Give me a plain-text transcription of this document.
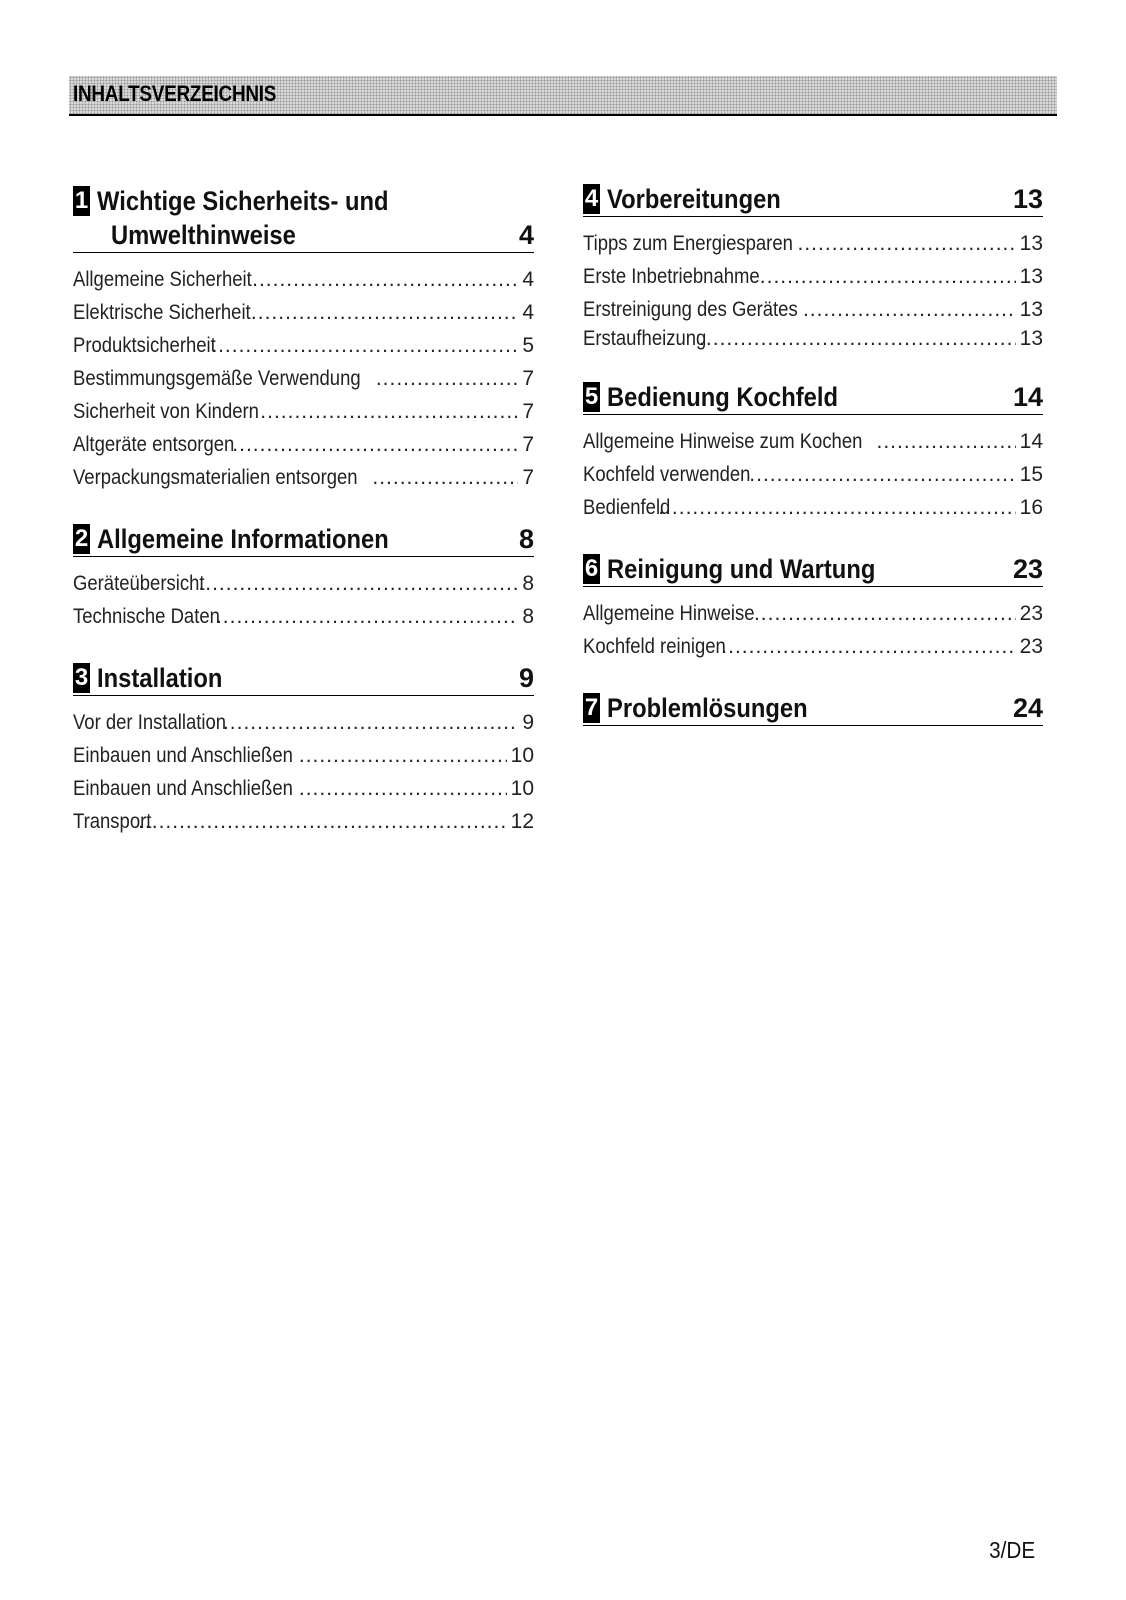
INHALTSVERZEICHNIS
1 Wichtige Sicherheits- und
Umwelthinweise	4
Allgemeine Sicherheit .....	4
Elektrische Sicherheit .....	4
Produktsicherheit .....	5
Bestimmungsgemäße Verwendung .....	7
Sicherheit von Kindern .....	7
Altgeräte entsorgen .....	7
Verpackungsmaterialien entsorgen .....	7
2 Allgemeine Informationen	8
Geräteübersicht .....	8
Technische Daten .....	8
3 Installation	9
Vor der Installation .....	9
Einbauen und Anschließen .....	10
Einbauen und Anschließen .....	10
Transport .....	12
4 Vorbereitungen	13
Tipps zum Energiesparen .....	13
Erste Inbetriebnahme .....	13
Erstreinigung des Gerätes .....	13
Erstaufheizung .....	13
5 Bedienung Kochfeld	14
Allgemeine Hinweise zum Kochen .....	14
Kochfeld verwenden .....	15
Bedienfeld .....	16
6 Reinigung und Wartung	23
Allgemeine Hinweise .....	23
Kochfeld reinigen .....	23
7 Problemlösungen	24
3/DE
